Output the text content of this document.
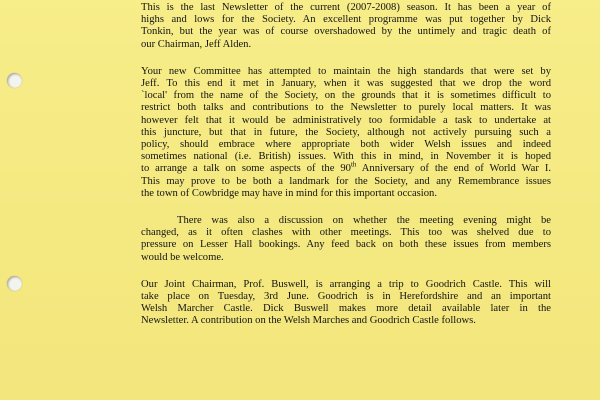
This is the last Newsletter of the current (2007-2008) season. It has been a year of
highs and lows for the Society. An excellent programme was put together by Dick
Tonkin, but the year was of course overshadowed by the untimely and tragic death of
our Chairman, Jeff Alden.
Your new Committee has attempted to maintain the high standards that were set by
Jeff. To this end it met in January, when it was suggested that we drop the word
`local' from the name of the Society, on the grounds that it is sometimes difficult to
restrict both talks and contributions to the Newsletter to purely local matters. It was
however felt that it would be administratively too formidable a task to undertake at
this juncture, but that in future, the Society, although not actively pursuing such a
policy, should embrace where appropriate both wider Welsh issues and indeed
sometimes national (i.e. British) issues. With this in mind, in November it is hoped
to arrange a talk on some aspects of the 90th Anniversary of the end of World War I.
This may prove to be both a landmark for the Society, and any Remembrance issues
the town of Cowbridge may have in mind for this important occasion.
There was also a discussion on whether the meeting evening might be
changed, as it often clashes with other meetings. This too was shelved due to
pressure on Lesser Hall bookings. Any feed back on both these issues from members
would be welcome.
Our Joint Chairman, Prof. Buswell, is arranging a trip to Goodrich Castle. This will
take place on Tuesday, 3rd June. Goodrich is in Herefordshire and an important
Welsh Marcher Castle. Dick Buswell makes more detail available later in the
Newsletter. A contribution on the Welsh Marches and Goodrich Castle follows.
